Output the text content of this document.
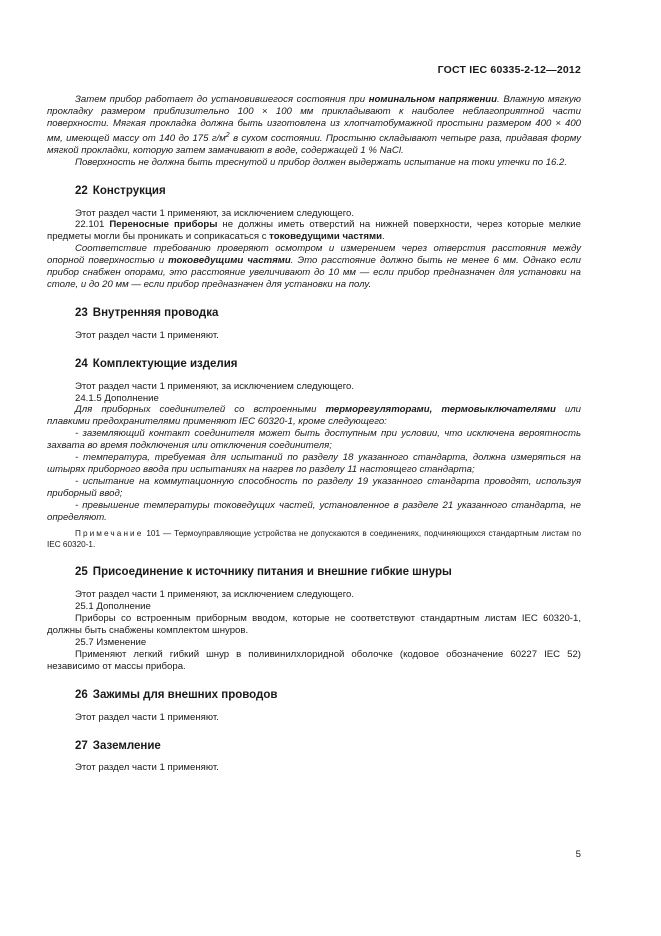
ГОСТ IEC 60335-2-12—2012

Затем прибор работает до установившегося состояния при номинальном напряжении. Влажную мягкую прокладку размером приблизительно 100 × 100 мм прикладывают к наиболее неблагоприятной части поверхности. Мягкая прокладка должна быть изготовлена из хлопчатобумажной простыни размером 400 × 400 мм, имеющей массу от 140 до 175 $г/м^2$ в сухом состоянии. Простыню складывают четыре раза, придавая форму мягкой прокладки, которую затем замачивают в воде, содержащей 1 % NaCl.

Поверхность не должна быть треснутой и прибор должен выдержать испытание на токи утечки по 16.2.

22 Конструкция

Этот раздел части 1 применяют, за исключением следующего.

22.101 Переносные приборы не должны иметь отверстий на нижней поверхности, через которые мелкие предметы могли бы проникать и соприкасаться с токоведущими частями.

Соответствие требованию проверяют осмотром и измерением через отверстия расстояния между опорной поверхностью и токоведущими частями. Это расстояние должно быть не менее 6 мм. Однако если прибор снабжен опорами, это расстояние увеличивают до 10 мм — если прибор предназначен для установки на столе, и до 20 мм — если прибор предназначен для установки на полу.

23 Внутренняя проводка

Этот раздел части 1 применяют.

24 Комплектующие изделия

Этот раздел части 1 применяют, за исключением следующего.

24.1.5 Дополнение

Для приборных соединителей со встроенными терморегуляторами, термовыключателями или плавкими предохранителями применяют IEC 60320-1, кроме следующего:

- заземляющий контакт соединителя может быть доступным при условии, что исключена вероятность захвата во время подключения или отключения соединителя;

- температура, требуемая для испытаний по разделу 18 указанного стандарта, должна измеряться на штырях приборного ввода при испытаниях на нагрев по разделу 11 настоящего стандарта;

- испытание на коммутационную способность по разделу 19 указанного стандарта проводят, используя приборный ввод;

- превышение температуры токоведущих частей, установленное в разделе 21 указанного стандарта, не определяют.

Примечание 101 — Термоуправляющие устройства не допускаются в соединениях, подчиняющихся стандартным листам по IEC 60320-1.

25 Присоединение к источнику питания и внешние гибкие шнуры

Этот раздел части 1 применяют, за исключением следующего.

25.1 Дополнение

Приборы со встроенным приборным вводом, которые не соответствуют стандартным листам IEC 60320-1, должны быть снабжены комплектом шнуров.

25.7 Изменение

Применяют легкий гибкий шнур в поливинилхлоридной оболочке (кодовое обозначение 60227 IEC 52) независимо от массы прибора.

26 Зажимы для внешних проводов

Этот раздел части 1 применяют.

27 Заземление

Этот раздел части 1 применяют.

5
